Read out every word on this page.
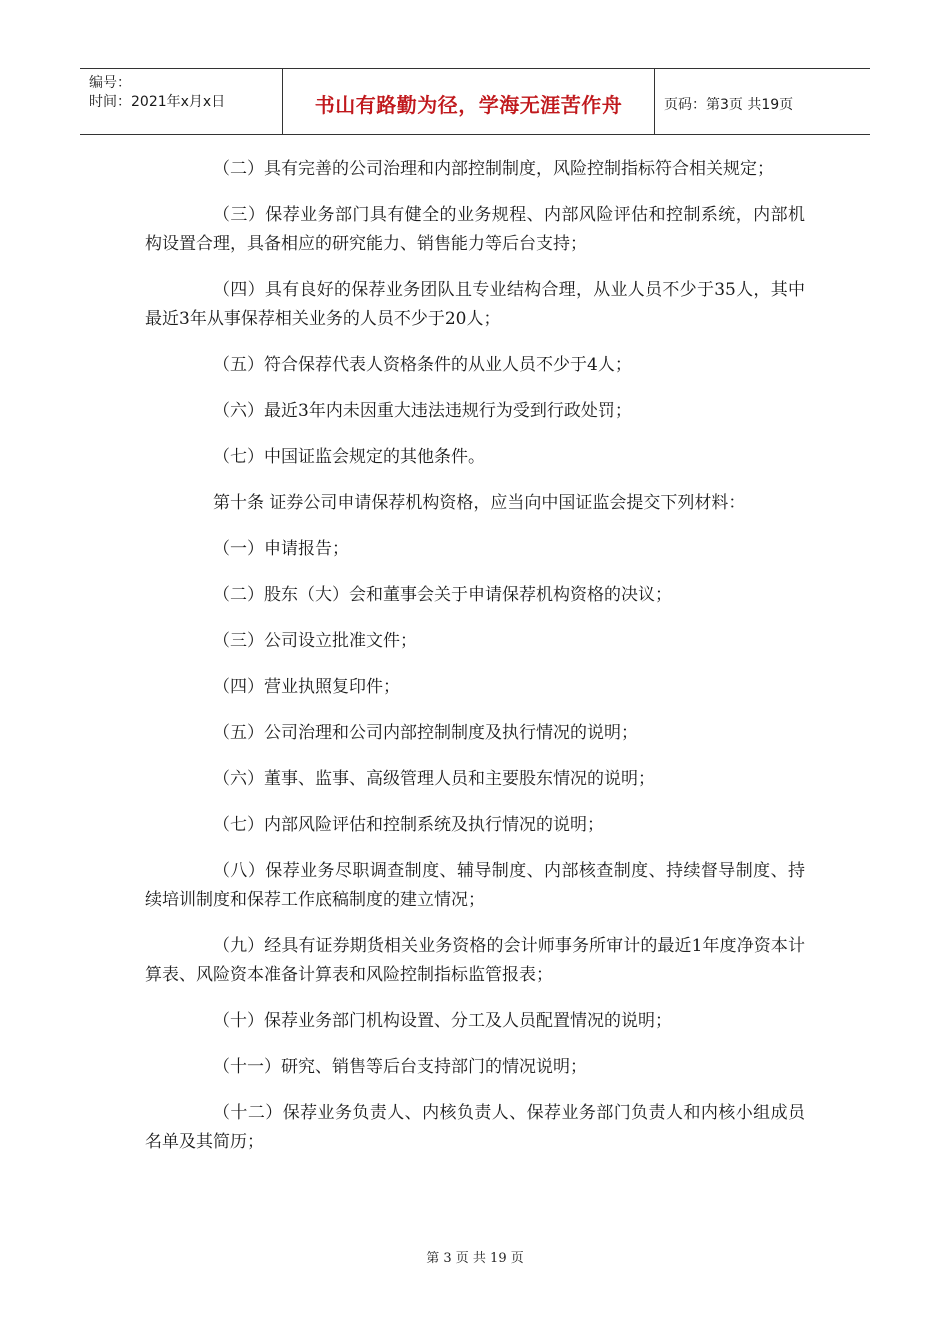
编号：
时间：2021年x月x日	书山有路勤为径，学海无涯苦作舟	页码：第3页 共19页

（二）具有完善的公司治理和内部控制制度，风险控制指标符合相关规定；

（三）保荐业务部门具有健全的业务规程、内部风险评估和控制系统，内部机构设置合理，具备相应的研究能力、销售能力等后台支持；

（四）具有良好的保荐业务团队且专业结构合理，从业人员不少于35人，其中最近3年从事保荐相关业务的人员不少于20人；

（五）符合保荐代表人资格条件的从业人员不少于4人；

（六）最近3年内未因重大违法违规行为受到行政处罚；

（七）中国证监会规定的其他条件。

第十条 证券公司申请保荐机构资格，应当向中国证监会提交下列材料：

（一）申请报告；

（二）股东（大）会和董事会关于申请保荐机构资格的决议；

（三）公司设立批准文件；

（四）营业执照复印件；

（五）公司治理和公司内部控制制度及执行情况的说明；

（六）董事、监事、高级管理人员和主要股东情况的说明；

（七）内部风险评估和控制系统及执行情况的说明；

（八）保荐业务尽职调查制度、辅导制度、内部核查制度、持续督导制度、持续培训制度和保荐工作底稿制度的建立情况；

（九）经具有证券期货相关业务资格的会计师事务所审计的最近1年度净资本计算表、风险资本准备计算表和风险控制指标监管报表；

（十）保荐业务部门机构设置、分工及人员配置情况的说明；

（十一）研究、销售等后台支持部门的情况说明；

（十二）保荐业务负责人、内核负责人、保荐业务部门负责人和内核小组成员名单及其简历；

第 3 页 共 19 页
